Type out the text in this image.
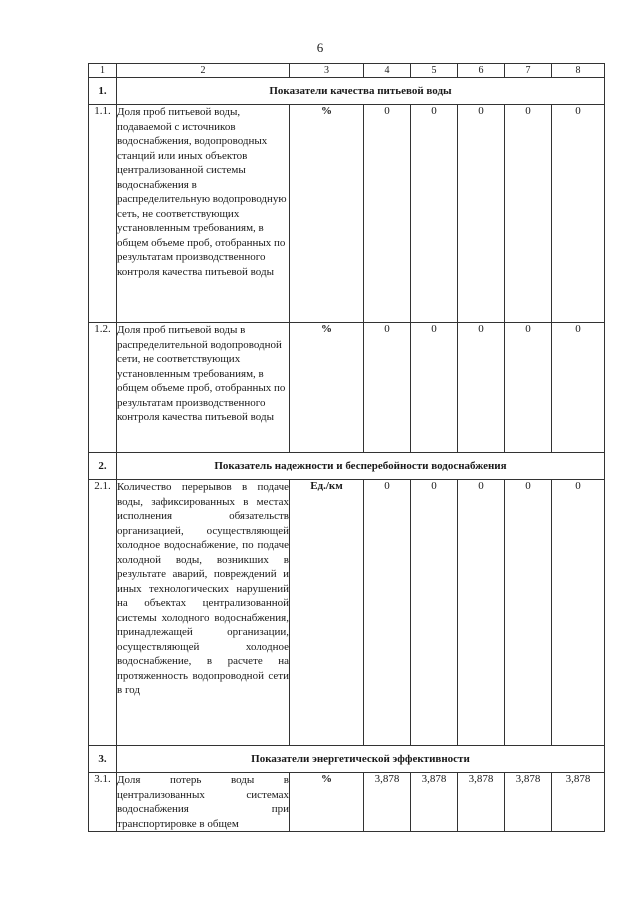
6
1	2	3	4	5	6	7	8
1.	Показатели качества питьевой воды						
1.1.	Доля проб питьевой воды, подаваемой с источников водоснабжения, водопроводных станций или иных объектов централизованной системы водоснабжения в распределительную водопроводную сеть, не соответствующих установленным требованиям, в общем объеме проб, отобранных по результатам производственного контроля качества питьевой воды	%	0	0	0	0	0
1.2.	Доля проб питьевой воды в распределительной водопроводной сети, не соответствующих установленным требованиям, в общем объеме проб, отобранных по результатам производственного контроля качества питьевой воды	%	0	0	0	0	0
2.	Показатель надежности и бесперебойности водоснабжения						
2.1.	Количество перерывов в подаче воды, зафиксированных в местах исполнения обязательств организацией, осуществляющей холодное водоснабжение, по подаче холодной воды, возникших в результате аварий, повреждений и иных технологических нарушений на объектах централизованной системы холодного водоснабжения, принадлежащей организации, осуществляющей холодное водоснабжение, в расчете на протяженность водопроводной сети в год	Ед./км	0	0	0	0	0
3.	Показатели энергетической эффективности						
3.1.	Доля потерь воды в централизованных системах водоснабжения при транспортировке в общем	%	3,878	3,878	3,878	3,878	3,878
